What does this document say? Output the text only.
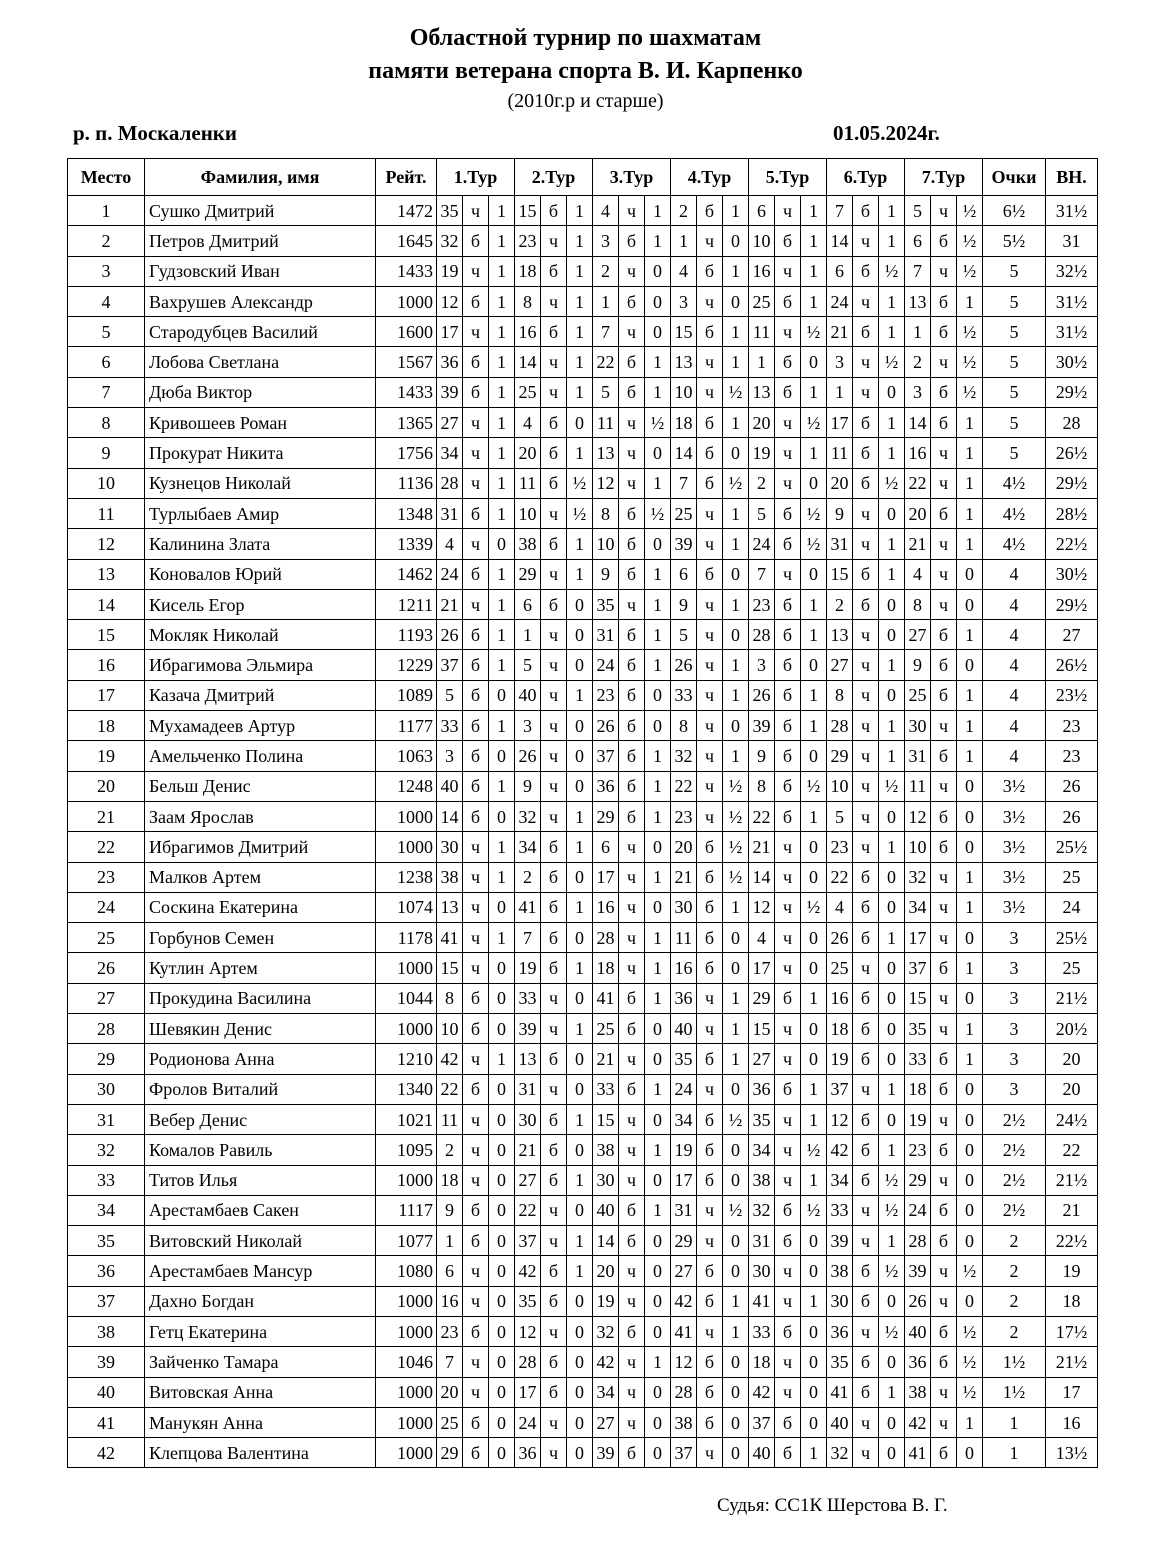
Областной турнир по шахматам
памяти ветерана спорта В. И. Карпенко
(2010г.р и старше)
р. п. Москаленки	01.05.2024г.
Место	Фамилия, имя	Рейт.	1.Тур			2.Тур			3.Тур			4.Тур			5.Тур			6.Тур			7.Тур			Очки	ВН.
1	Сушко Дмитрий	1472	35	ч	1	15	б	1	4	ч	1	2	б	1	6	ч	1	7	б	1	5	ч	½	6½	31½
2	Петров Дмитрий	1645	32	б	1	23	ч	1	3	б	1	1	ч	0	10	б	1	14	ч	1	6	б	½	5½	31
3	Гудзовский Иван	1433	19	ч	1	18	б	1	2	ч	0	4	б	1	16	ч	1	6	б	½	7	ч	½	5	32½
4	Вахрушев Александр	1000	12	б	1	8	ч	1	1	б	0	3	ч	0	25	б	1	24	ч	1	13	б	1	5	31½
5	Стародубцев Василий	1600	17	ч	1	16	б	1	7	ч	0	15	б	1	11	ч	½	21	б	1	1	б	½	5	31½
6	Лобова Светлана	1567	36	б	1	14	ч	1	22	б	1	13	ч	1	1	б	0	3	ч	½	2	ч	½	5	30½
7	Дюба Виктор	1433	39	б	1	25	ч	1	5	б	1	10	ч	½	13	б	1	1	ч	0	3	б	½	5	29½
8	Кривошеев Роман	1365	27	ч	1	4	б	0	11	ч	½	18	б	1	20	ч	½	17	б	1	14	б	1	5	28
9	Прокурат Никита	1756	34	ч	1	20	б	1	13	ч	0	14	б	0	19	ч	1	11	б	1	16	ч	1	5	26½
10	Кузнецов Николай	1136	28	ч	1	11	б	½	12	ч	1	7	б	½	2	ч	0	20	б	½	22	ч	1	4½	29½
11	Турлыбаев Амир	1348	31	б	1	10	ч	½	8	б	½	25	ч	1	5	б	½	9	ч	0	20	б	1	4½	28½
12	Калинина Злата	1339	4	ч	0	38	б	1	10	б	0	39	ч	1	24	б	½	31	ч	1	21	ч	1	4½	22½
13	Коновалов Юрий	1462	24	б	1	29	ч	1	9	б	1	6	б	0	7	ч	0	15	б	1	4	ч	0	4	30½
14	Кисель Егор	1211	21	ч	1	6	б	0	35	ч	1	9	ч	1	23	б	1	2	б	0	8	ч	0	4	29½
15	Мокляк Николай	1193	26	б	1	1	ч	0	31	б	1	5	ч	0	28	б	1	13	ч	0	27	б	1	4	27
16	Ибрагимова Эльмира	1229	37	б	1	5	ч	0	24	б	1	26	ч	1	3	б	0	27	ч	1	9	б	0	4	26½
17	Казача Дмитрий	1089	5	б	0	40	ч	1	23	б	0	33	ч	1	26	б	1	8	ч	0	25	б	1	4	23½
18	Мухамадеев Артур	1177	33	б	1	3	ч	0	26	б	0	8	ч	0	39	б	1	28	ч	1	30	ч	1	4	23
19	Амельченко Полина	1063	3	б	0	26	ч	0	37	б	1	32	ч	1	9	б	0	29	ч	1	31	б	1	4	23
20	Бельш Денис	1248	40	б	1	9	ч	0	36	б	1	22	ч	½	8	б	½	10	ч	½	11	ч	0	3½	26
21	Заам Ярослав	1000	14	б	0	32	ч	1	29	б	1	23	ч	½	22	б	1	5	ч	0	12	б	0	3½	26
22	Ибрагимов Дмитрий	1000	30	ч	1	34	б	1	6	ч	0	20	б	½	21	ч	0	23	ч	1	10	б	0	3½	25½
23	Малков Артем	1238	38	ч	1	2	б	0	17	ч	1	21	б	½	14	ч	0	22	б	0	32	ч	1	3½	25
24	Соскина Екатерина	1074	13	ч	0	41	б	1	16	ч	0	30	б	1	12	ч	½	4	б	0	34	ч	1	3½	24
25	Горбунов Семен	1178	41	ч	1	7	б	0	28	ч	1	11	б	0	4	ч	0	26	б	1	17	ч	0	3	25½
26	Кутлин Артем	1000	15	ч	0	19	б	1	18	ч	1	16	б	0	17	ч	0	25	ч	0	37	б	1	3	25
27	Прокудина Василина	1044	8	б	0	33	ч	0	41	б	1	36	ч	1	29	б	1	16	б	0	15	ч	0	3	21½
28	Шевякин Денис	1000	10	б	0	39	ч	1	25	б	0	40	ч	1	15	ч	0	18	б	0	35	ч	1	3	20½
29	Родионова Анна	1210	42	ч	1	13	б	0	21	ч	0	35	б	1	27	ч	0	19	б	0	33	б	1	3	20
30	Фролов Виталий	1340	22	б	0	31	ч	0	33	б	1	24	ч	0	36	б	1	37	ч	1	18	б	0	3	20
31	Вебер Денис	1021	11	ч	0	30	б	1	15	ч	0	34	б	½	35	ч	1	12	б	0	19	ч	0	2½	24½
32	Комалов Равиль	1095	2	ч	0	21	б	0	38	ч	1	19	б	0	34	ч	½	42	б	1	23	б	0	2½	22
33	Титов Илья	1000	18	ч	0	27	б	1	30	ч	0	17	б	0	38	ч	1	34	б	½	29	ч	0	2½	21½
34	Арестамбаев Сакен	1117	9	б	0	22	ч	0	40	б	1	31	ч	½	32	б	½	33	ч	½	24	б	0	2½	21
35	Витовский Николай	1077	1	б	0	37	ч	1	14	б	0	29	ч	0	31	б	0	39	ч	1	28	б	0	2	22½
36	Арестамбаев Мансур	1080	6	ч	0	42	б	1	20	ч	0	27	б	0	30	ч	0	38	б	½	39	ч	½	2	19
37	Дахно Богдан	1000	16	ч	0	35	б	0	19	ч	0	42	б	1	41	ч	1	30	б	0	26	ч	0	2	18
38	Гетц Екатерина	1000	23	б	0	12	ч	0	32	б	0	41	ч	1	33	б	0	36	ч	½	40	б	½	2	17½
39	Зайченко Тамара	1046	7	ч	0	28	б	0	42	ч	1	12	б	0	18	ч	0	35	б	0	36	б	½	1½	21½
40	Витовская Анна	1000	20	ч	0	17	б	0	34	ч	0	28	б	0	42	ч	0	41	б	1	38	ч	½	1½	17
41	Манукян Анна	1000	25	б	0	24	ч	0	27	ч	0	38	б	0	37	б	0	40	ч	0	42	ч	1	1	16
42	Клепцова Валентина	1000	29	б	0	36	ч	0	39	б	0	37	ч	0	40	б	1	32	ч	0	41	б	0	1	13½
Судья: СС1К Шерстова В. Г.
